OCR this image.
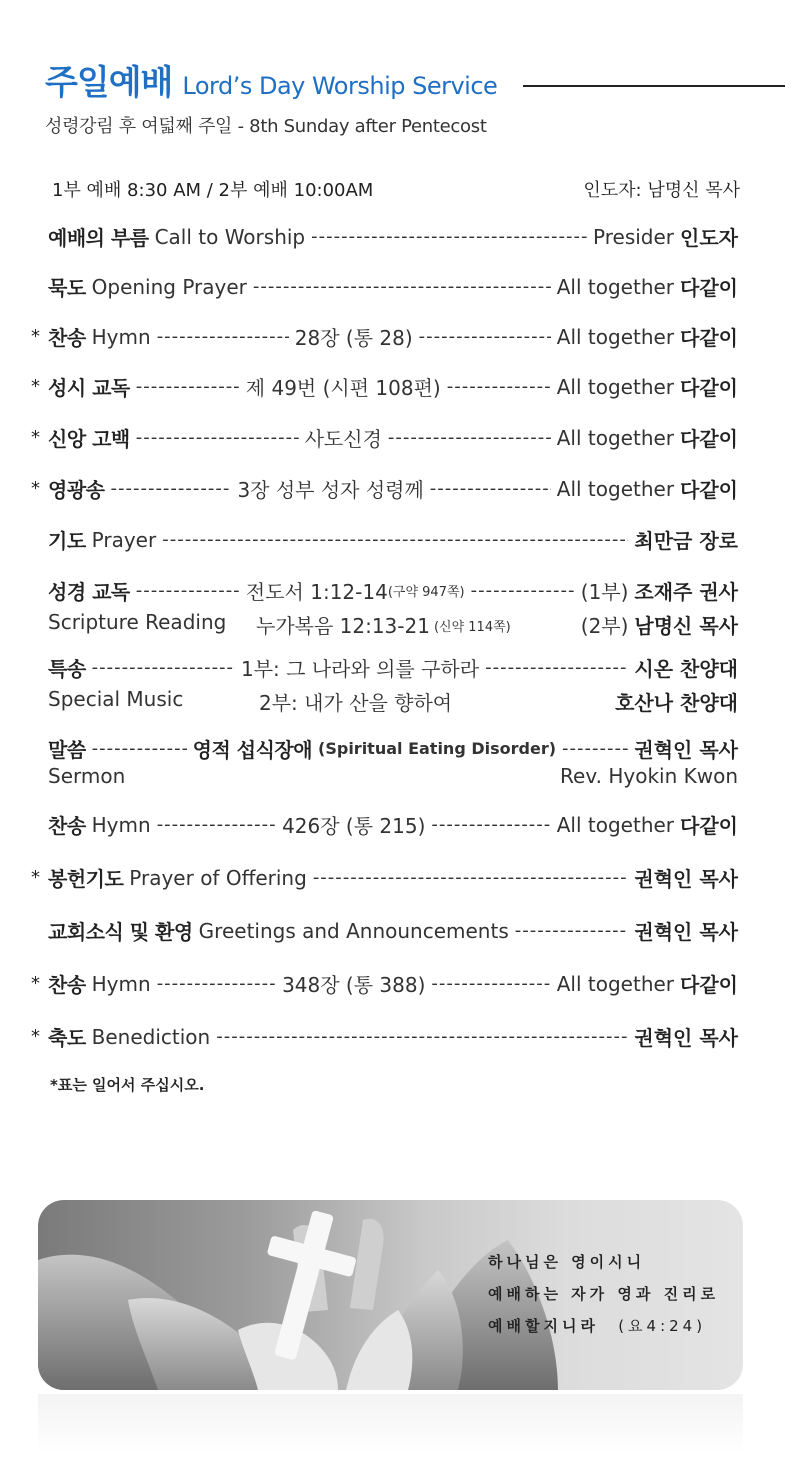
주일예배 Lord’s Day Worship Service
성령강림 후 여덟째 주일 - 8th Sunday after Pentecost
1부 예배 8:30 AM / 2부 예배 10:00AM	인도자: 남명신 목사
예배의 부름 Call to Worship -----	Presider 인도자
묵도 Opening Prayer -----	All together 다같이
* 찬송 Hymn -----	28장 (통 28) -----	All together 다같이
* 성시 교독 -----	제 49번 (시편 108편) -----	All together 다같이
* 신앙 고백 -----	사도신경 -----	All together 다같이
* 영광송 -----	3장 성부 성자 성령께 -----	All together 다같이
기도 Prayer -----	최만금 장로
성경 교독 -----	전도서 1:12-14 (구약 947쪽) -----	(1부) 조재주 권사
Scripture Reading	누가복음 12:13-21 (신약 114쪽)	(2부) 남명신 목사
특송 -----	1부: 그 나라와 의를 구하라 -----	시온 찬양대
Special Music	2부: 내가 산을 향하여	호산나 찬양대
말씀 -----	영적 섭식장애 (Spiritual Eating Disorder) -----	권혁인 목사
Sermon	Rev. Hyokin Kwon
찬송 Hymn -----	426장 (통 215) -----	All together 다같이
* 봉헌기도 Prayer of Offering -----	권혁인 목사
교회소식 및 환영 Greetings and Announcements -----	권혁인 목사
* 찬송 Hymn -----	348장 (통 388) -----	All together 다같이
* 축도 Benediction -----	권혁인 목사
*표는 일어서 주십시오.
하나님은 영이시니
예배하는 자가 영과 진리로
예배할지니라 (요4:24)
